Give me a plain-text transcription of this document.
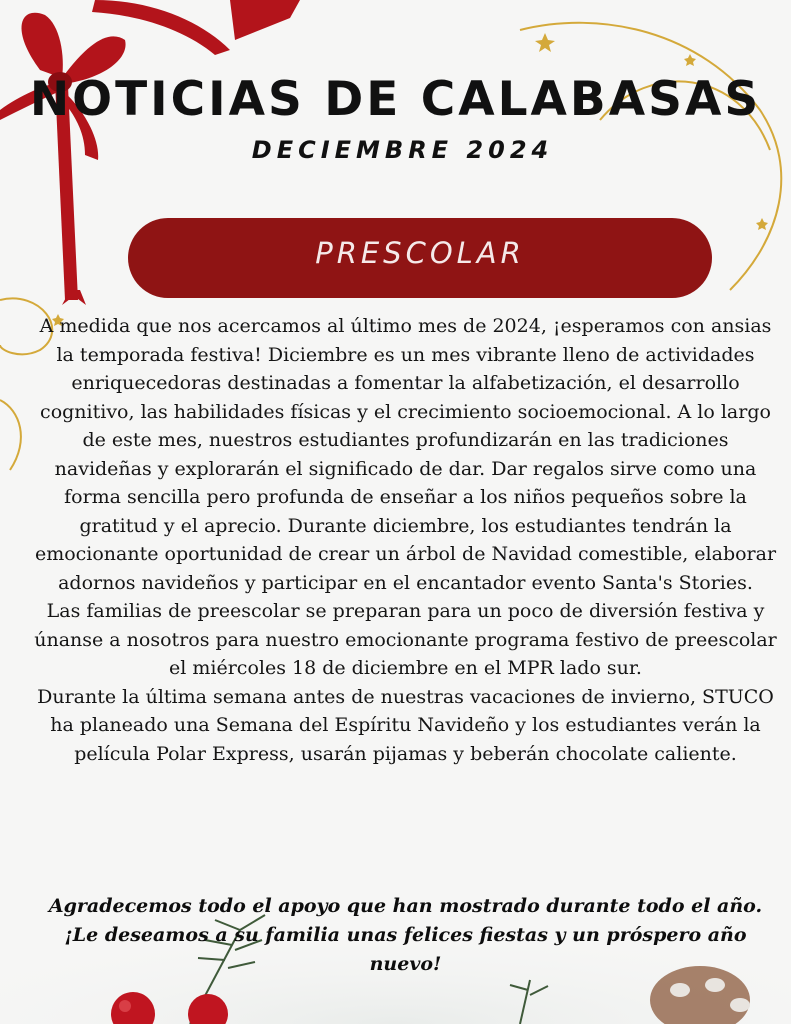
NOTICIAS DE CALABASAS
DECIEMBRE 2024
PRESCOLAR

A medida que nos acercamos al último mes de 2024, ¡esperamos con ansias la temporada festiva! Diciembre es un mes vibrante lleno de actividades enriquecedoras destinadas a fomentar la alfabetización, el desarrollo cognitivo, las habilidades físicas y el crecimiento socioemocional. A lo largo de este mes, nuestros estudiantes profundizarán en las tradiciones navideñas y explorarán el significado de dar. Dar regalos sirve como una forma sencilla pero profunda de enseñar a los niños pequeños sobre la gratitud y el aprecio. Durante diciembre, los estudiantes tendrán la emocionante oportunidad de crear un árbol de Navidad comestible, elaborar adornos navideños y participar en el encantador evento Santa's Stories.

Las familias de preescolar se preparan para un poco de diversión festiva y únanse a nosotros para nuestro emocionante programa festivo de preescolar el miércoles 18 de diciembre en el MPR lado sur.

Durante la última semana antes de nuestras vacaciones de invierno, STUCO ha planeado una Semana del Espíritu Navideño y los estudiantes verán la película Polar Express, usarán pijamas y beberán chocolate caliente.

Agradecemos todo el apoyo que han mostrado durante todo el año. ¡Le deseamos a su familia unas felices fiestas y un próspero año nuevo!
